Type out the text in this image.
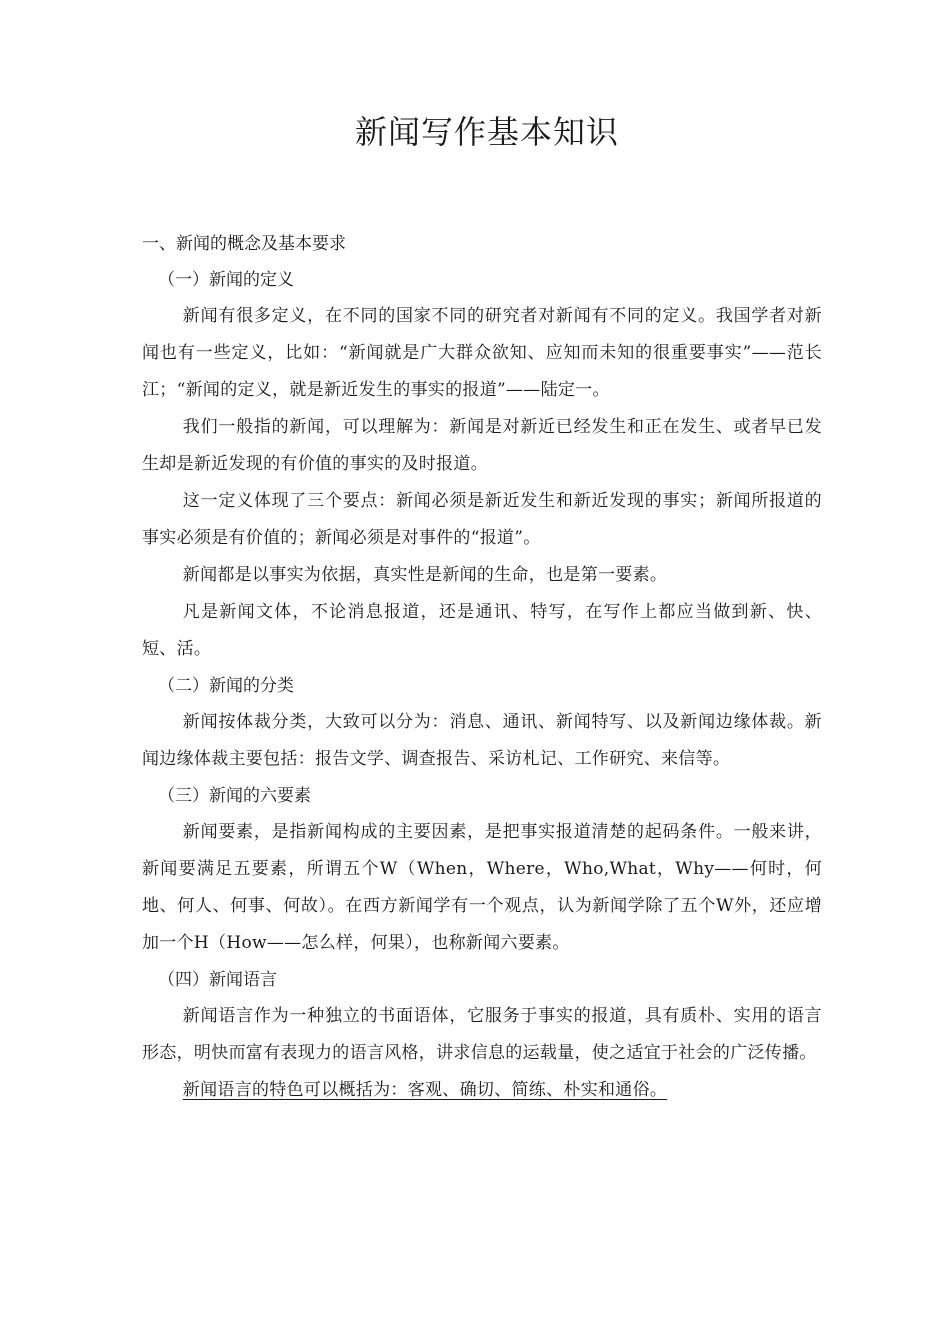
新闻写作基本知识
一、新闻的概念及基本要求
（一）新闻的定义

新闻有很多定义，在不同的国家不同的研究者对新闻有不同的定义。我国学者对新闻也有一些定义，比如：“新闻就是广大群众欲知、应知而未知的很重要事实”——范长江；“新闻的定义，就是新近发生的事实的报道”——陆定一。

我们一般指的新闻，可以理解为：新闻是对新近已经发生和正在发生、或者早已发生却是新近发现的有价值的事实的及时报道。

这一定义体现了三个要点：新闻必须是新近发生和新近发现的事实；新闻所报道的事实必须是有价值的；新闻必须是对事件的“报道”。

新闻都是以事实为依据，真实性是新闻的生命，也是第一要素。

凡是新闻文体，不论消息报道，还是通讯、特写，在写作上都应当做到新、快、短、活。

（二）新闻的分类

新闻按体裁分类，大致可以分为：消息、通讯、新闻特写、以及新闻边缘体裁。新闻边缘体裁主要包括：报告文学、调查报告、采访札记、工作研究、来信等。

（三）新闻的六要素

新闻要素，是指新闻构成的主要因素，是把事实报道清楚的起码条件。一般来讲，新闻要满足五要素，所谓五个W（When，Where，Who,What，Why——何时，何地、何人、何事、何故）。在西方新闻学有一个观点，认为新闻学除了五个W外，还应增加一个H（How——怎么样，何果），也称新闻六要素。

（四）新闻语言

新闻语言作为一种独立的书面语体，它服务于事实的报道，具有质朴、实用的语言形态，明快而富有表现力的语言风格，讲求信息的运载量，使之适宜于社会的广泛传播。

新闻语言的特色可以概括为：客观、确切、简练、朴实和通俗。
